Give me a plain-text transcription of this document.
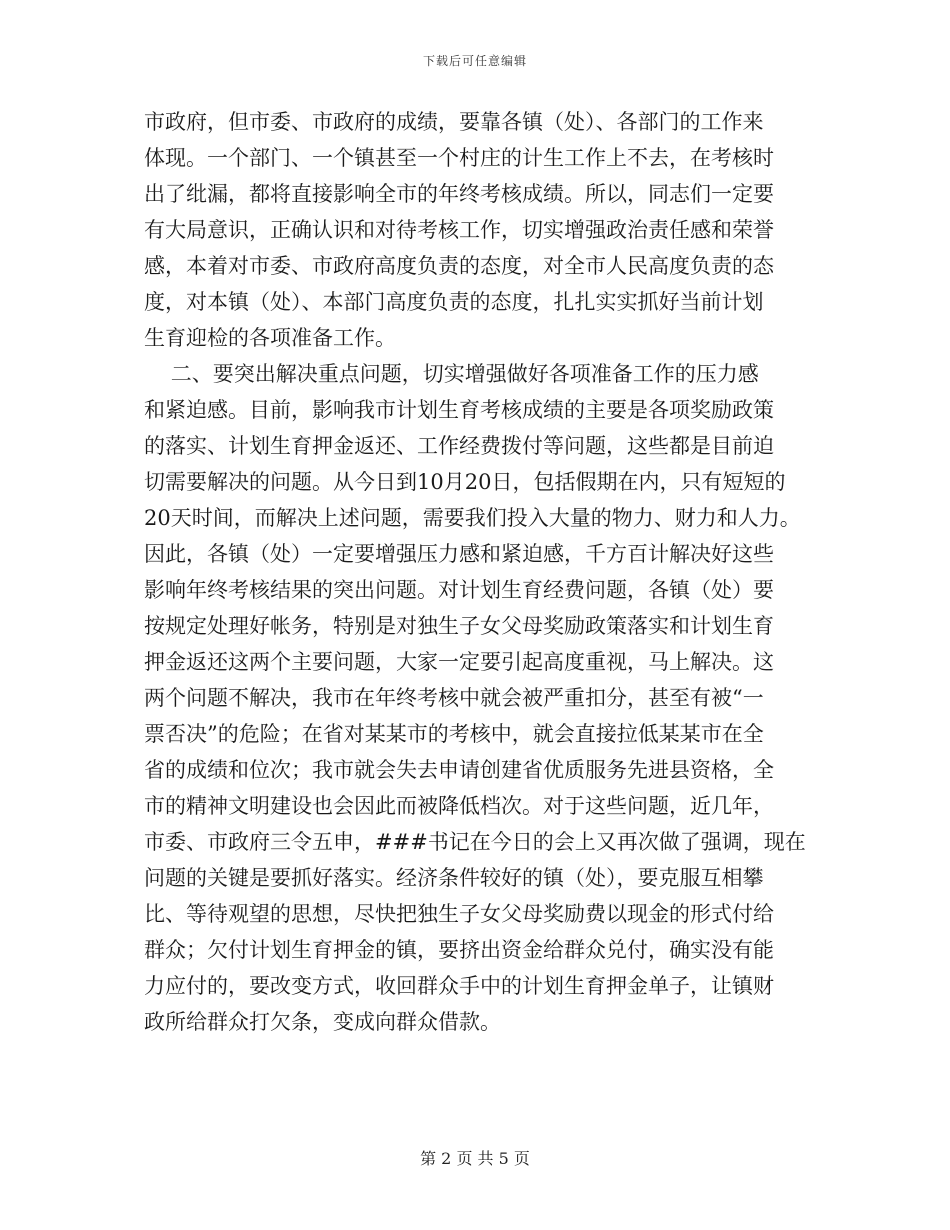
下载后可任意编辑
市政府，但市委、市政府的成绩，要靠各镇（处）、各部门的工作来
体现。一个部门、一个镇甚至一个村庄的计生工作上不去，在考核时
出了纰漏，都将直接影响全市的年终考核成绩。所以，同志们一定要
有大局意识，正确认识和对待考核工作，切实增强政治责任感和荣誉
感，本着对市委、市政府高度负责的态度，对全市人民高度负责的态
度，对本镇（处）、本部门高度负责的态度，扎扎实实抓好当前计划
生育迎检的各项准备工作。
二、要突出解决重点问题，切实增强做好各项准备工作的压力感
和紧迫感。目前，影响我市计划生育考核成绩的主要是各项奖励政策
的落实、计划生育押金返还、工作经费拨付等问题，这些都是目前迫
切需要解决的问题。从今日到10月20日，包括假期在内，只有短短的
20天时间，而解决上述问题，需要我们投入大量的物力、财力和人力。
因此，各镇（处）一定要增强压力感和紧迫感，千方百计解决好这些
影响年终考核结果的突出问题。对计划生育经费问题，各镇（处）要
按规定处理好帐务，特别是对独生子女父母奖励政策落实和计划生育
押金返还这两个主要问题，大家一定要引起高度重视，马上解决。这
两个问题不解决，我市在年终考核中就会被严重扣分，甚至有被“一
票否决”的危险；在省对某某市的考核中，就会直接拉低某某市在全
省的成绩和位次；我市就会失去申请创建省优质服务先进县资格，全
市的精神文明建设也会因此而被降低档次。对于这些问题，近几年，
市委、市政府三令五申，###书记在今日的会上又再次做了强调，现在
问题的关键是要抓好落实。经济条件较好的镇（处），要克服互相攀
比、等待观望的思想，尽快把独生子女父母奖励费以现金的形式付给
群众；欠付计划生育押金的镇，要挤出资金给群众兑付，确实没有能
力应付的，要改变方式，收回群众手中的计划生育押金单子，让镇财
政所给群众打欠条，变成向群众借款。
第 2 页 共 5 页
